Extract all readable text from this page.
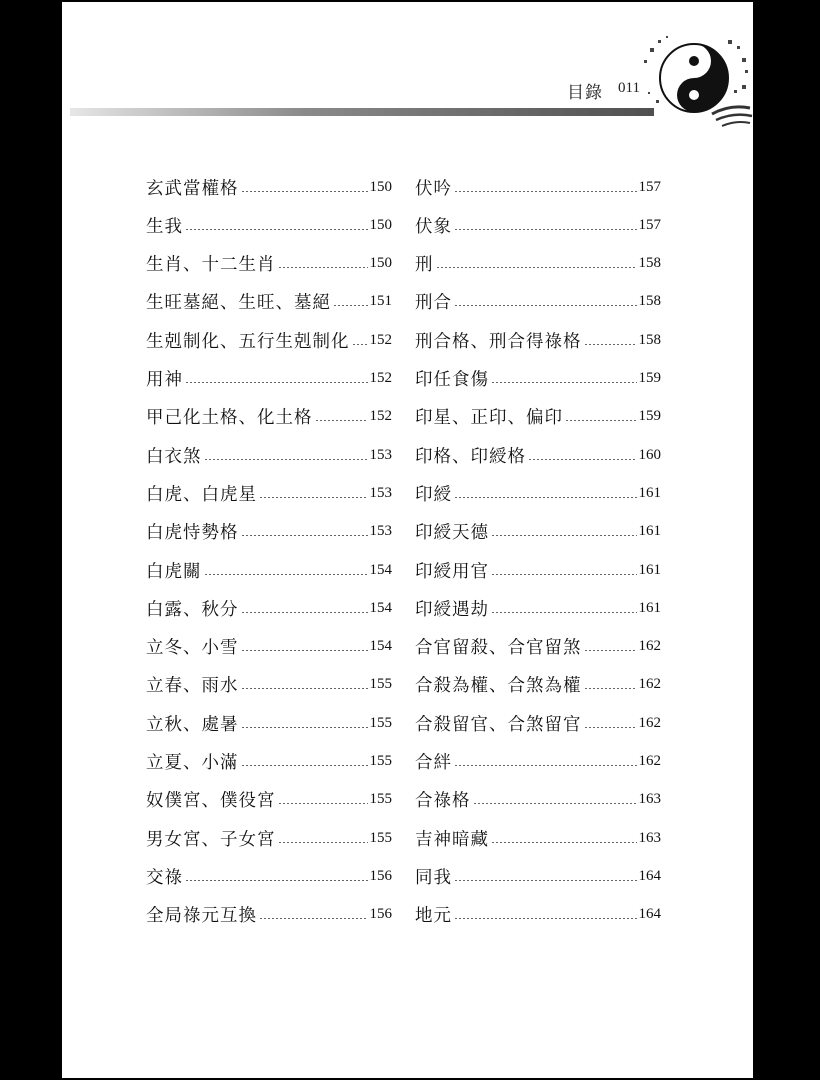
目錄 011
玄武當權格	150
生我	150
生肖、十二生肖	150
生旺墓絕、生旺、墓絕	151
生剋制化、五行生剋制化 152
用神	152
甲己化土格、化土格	152
白衣煞	153
白虎、白虎星	153
白虎恃勢格	153
白虎關	154
白露、秋分	154
立冬、小雪	154
立春、雨水	155
立秋、處暑	155
立夏、小滿	155
奴僕宮、僕役宮	155
男女宮、子女宮	155
交祿	156
全局祿元互換	156
伏吟	157
伏象	157
刑	158
刑合	158
刑合格、刑合得祿格	158
印任食傷	159
印星、正印、偏印	159
印格、印綬格	160
印綬	161
印綬天德	161
印綬用官	161
印綬遇劫	161
合官留殺、合官留煞	162
合殺為權、合煞為權	162
合殺留官、合煞留官	162
合絆	162
合祿格	163
吉神暗藏	163
同我	164
地元	164
